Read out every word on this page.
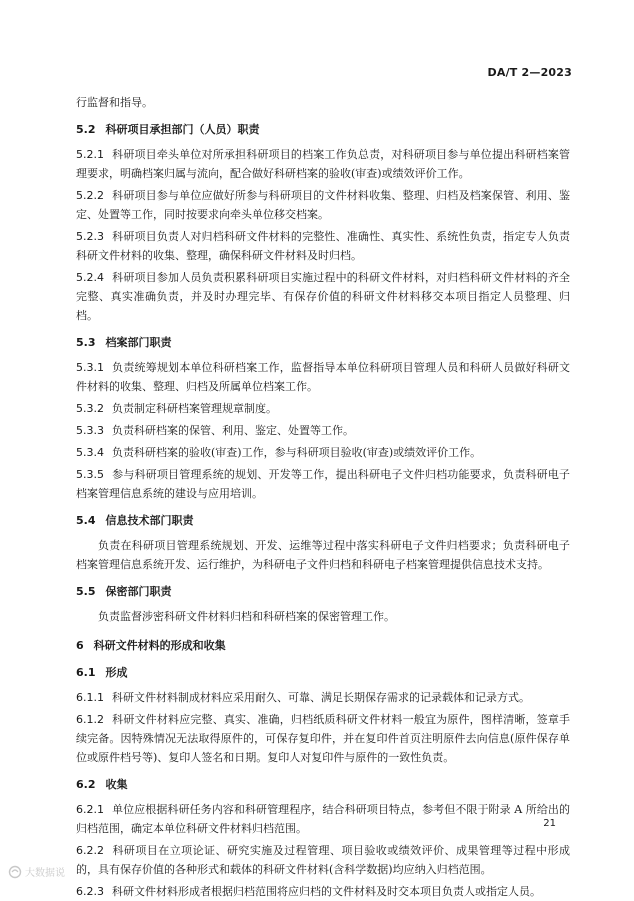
DA/T 2—2023
行监督和指导。
5.2 科研项目承担部门（人员）职责
5.2.1 科研项目牵头单位对所承担科研项目的档案工作负总责，对科研项目参与单位提出科研档案管理要求，明确档案归属与流向，配合做好科研档案的验收(审查)或绩效评价工作。
5.2.2 科研项目参与单位应做好所参与科研项目的文件材料收集、整理、归档及档案保管、利用、鉴定、处置等工作，同时按要求向牵头单位移交档案。
5.2.3 科研项目负责人对归档科研文件材料的完整性、准确性、真实性、系统性负责，指定专人负责科研文件材料的收集、整理，确保科研文件材料及时归档。
5.2.4 科研项目参加人员负责积累科研项目实施过程中的科研文件材料，对归档科研文件材料的齐全完整、真实准确负责，并及时办理完毕、有保存价值的科研文件材料移交本项目指定人员整理、归档。
5.3 档案部门职责
5.3.1 负责统筹规划本单位科研档案工作，监督指导本单位科研项目管理人员和科研人员做好科研文件材料的收集、整理、归档及所属单位档案工作。
5.3.2 负责制定科研档案管理规章制度。
5.3.3 负责科研档案的保管、利用、鉴定、处置等工作。
5.3.4 负责科研档案的验收(审查)工作，参与科研项目验收(审查)或绩效评价工作。
5.3.5 参与科研项目管理系统的规划、开发等工作，提出科研电子文件归档功能要求，负责科研电子档案管理信息系统的建设与应用培训。
5.4 信息技术部门职责
负责在科研项目管理系统规划、开发、运维等过程中落实科研电子文件归档要求；负责科研电子档案管理信息系统开发、运行维护，为科研电子文件归档和科研电子档案管理提供信息技术支持。
5.5 保密部门职责
负责监督涉密科研文件材料归档和科研档案的保密管理工作。
6 科研文件材料的形成和收集
6.1 形成
6.1.1 科研文件材料制成材料应采用耐久、可靠、满足长期保存需求的记录载体和记录方式。
6.1.2 科研文件材料应完整、真实、准确，归档纸质科研文件材料一般宜为原件，图样清晰，签章手续完备。因特殊情况无法取得原件的，可保存复印件，并在复印件首页注明原件去向信息(原件保存单位或原件档号等)、复印人签名和日期。复印人对复印件与原件的一致性负责。
6.2 收集
6.2.1 单位应根据科研任务内容和科研管理程序，结合科研项目特点，参考但不限于附录 A 所给出的归档范围，确定本单位科研文件材料归档范围。
6.2.2 科研项目在立项论证、研究实施及过程管理、项目验收或绩效评价、成果管理等过程中形成的，具有保存价值的各种形式和载体的科研文件材料(含科学数据)均应纳入归档范围。
6.2.3 科研文件材料形成者根据归档范围将应归档的文件材料及时交本项目负责人或指定人员。
21
大数据说
